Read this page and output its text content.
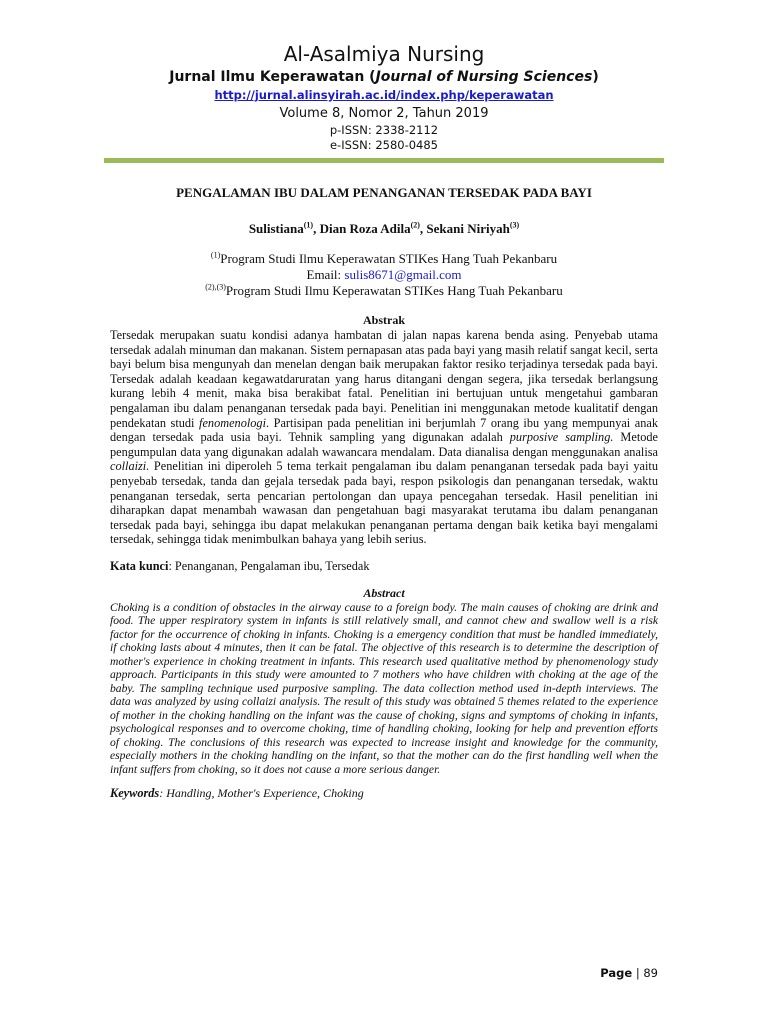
Al-Asalmiya Nursing
Jurnal Ilmu Keperawatan (Journal of Nursing Sciences)
http://jurnal.alinsyirah.ac.id/index.php/keperawatan
Volume 8, Nomor 2, Tahun 2019
p-ISSN: 2338-2112
e-ISSN: 2580-0485
PENGALAMAN IBU DALAM PENANGANAN TERSEDAK PADA BAYI
Sulistiana$^{(1)}$, Dian Roza Adila$^{(2)}$, Sekani Niriyah$^{(3)}$
$^{(1)}$Program Studi Ilmu Keperawatan STIKes Hang Tuah Pekanbaru
Email: sulis8671@gmail.com
$^{(2),(3)}$Program Studi Ilmu Keperawatan STIKes Hang Tuah Pekanbaru
Abstrak
Tersedak merupakan suatu kondisi adanya hambatan di jalan napas karena benda asing. Penyebab utama tersedak adalah minuman dan makanan. Sistem pernapasan atas pada bayi yang masih relatif sangat kecil, serta bayi belum bisa mengunyah dan menelan dengan baik merupakan faktor resiko terjadinya tersedak pada bayi. Tersedak adalah keadaan kegawatdaruratan yang harus ditangani dengan segera, jika tersedak berlangsung kurang lebih 4 menit, maka bisa berakibat fatal. Penelitian ini bertujuan untuk mengetahui gambaran pengalaman ibu dalam penanganan tersedak pada bayi. Penelitian ini menggunakan metode kualitatif dengan pendekatan studi fenomenologi. Partisipan pada penelitian ini berjumlah 7 orang ibu yang mempunyai anak dengan tersedak pada usia bayi. Tehnik sampling yang digunakan adalah purposive sampling. Metode pengumpulan data yang digunakan adalah wawancara mendalam. Data dianalisa dengan menggunakan analisa collaizi. Penelitian ini diperoleh 5 tema terkait pengalaman ibu dalam penanganan tersedak pada bayi yaitu penyebab tersedak, tanda dan gejala tersedak pada bayi, respon psikologis dan penanganan tersedak, waktu penanganan tersedak, serta pencarian pertolongan dan upaya pencegahan tersedak. Hasil penelitian ini diharapkan dapat menambah wawasan dan pengetahuan bagi masyarakat terutama ibu dalam penanganan tersedak pada bayi, sehingga ibu dapat melakukan penanganan pertama dengan baik ketika bayi mengalami tersedak, sehingga tidak menimbulkan bahaya yang lebih serius.
Kata kunci: Penanganan, Pengalaman ibu, Tersedak
Abstract
Choking is a condition of obstacles in the airway cause to a foreign body. The main causes of choking are drink and food. The upper respiratory system in infants is still relatively small, and cannot chew and swallow well is a risk factor for the occurrence of choking in infants. Choking is a emergency condition that must be handled immediately, if choking lasts about 4 minutes, then it can be fatal. The objective of this research is to determine the description of mother's experience in choking treatment in infants. This research used qualitative method by phenomenology study approach. Participants in this study were amounted to 7 mothers who have children with choking at the age of the baby. The sampling technique used purposive sampling. The data collection method used in-depth interviews. The data was analyzed by using collaizi analysis. The result of this study was obtained 5 themes related to the experience of mother in the choking handling on the infant was the cause of choking, signs and symptoms of choking in infants, psychological responses and to overcome choking, time of handling choking, looking for help and prevention efforts of choking. The conclusions of this research was expected to increase insight and knowledge for the community, especially mothers in the choking handling on the infant, so that the mother can do the first handling well when the infant suffers from choking, so it does not cause a more serious danger.
Keywords: Handling, Mother's Experience, Choking
Page | 89
